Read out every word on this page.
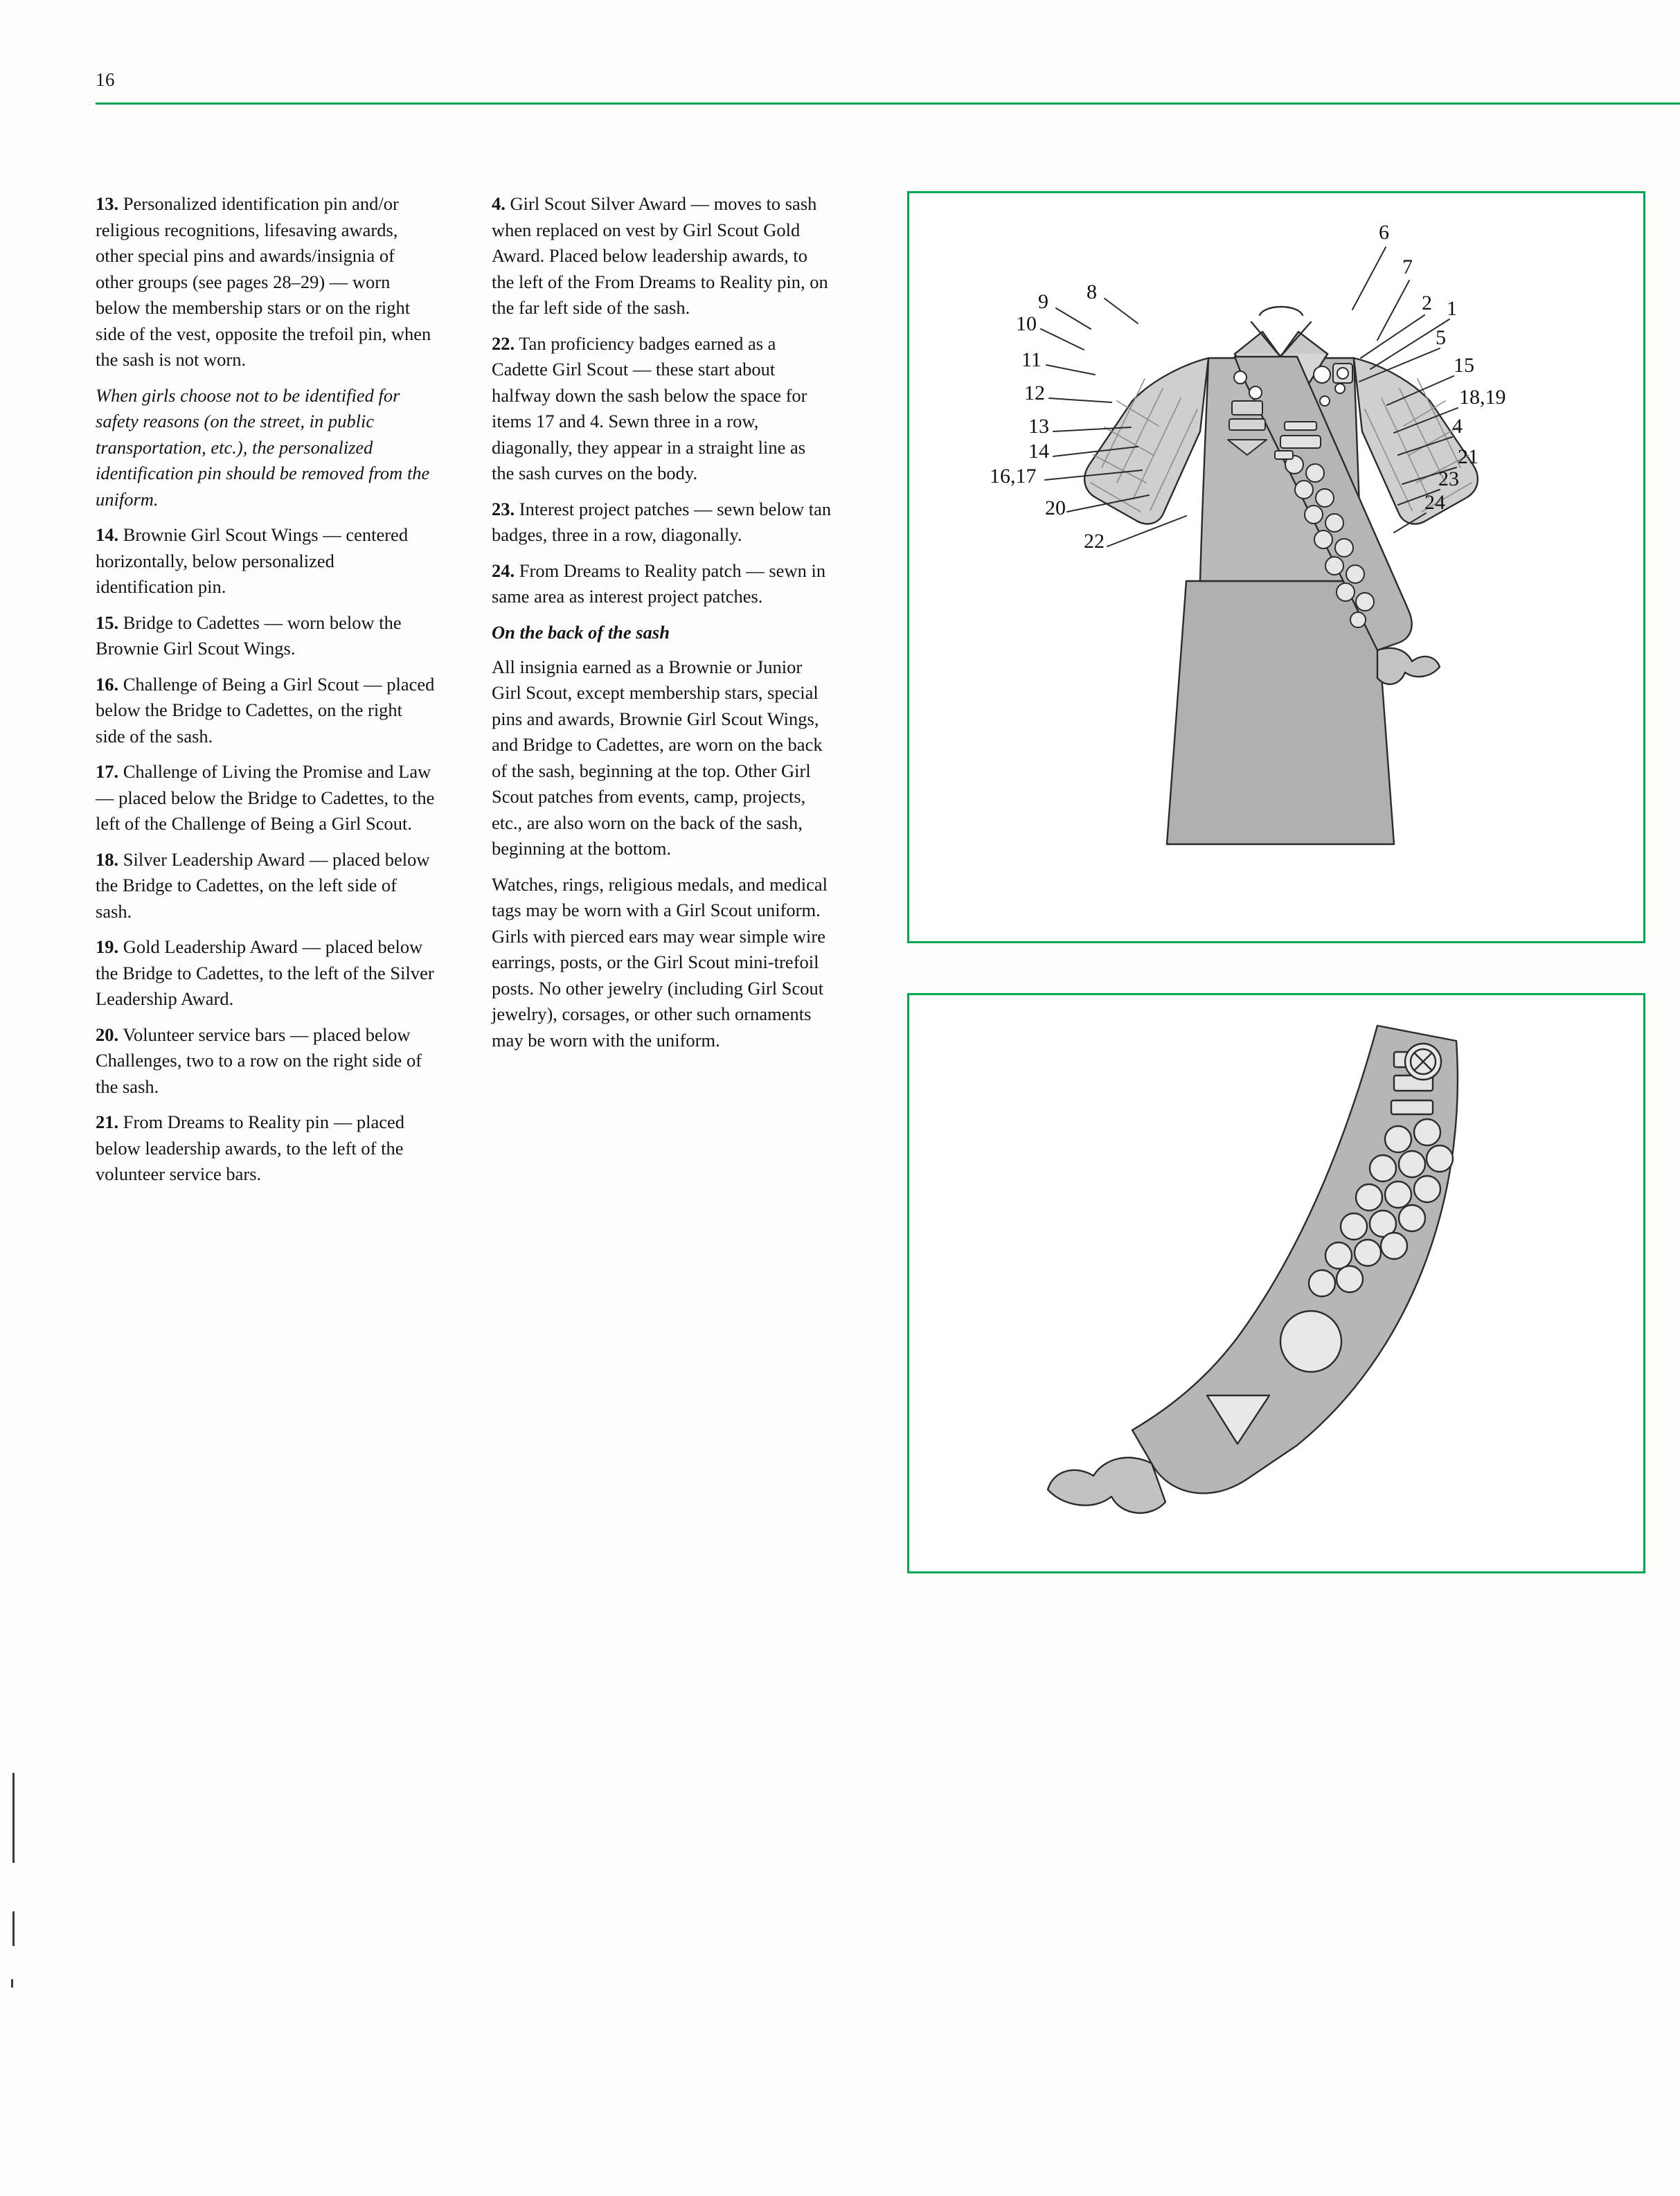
16

13. Personalized identification pin and/or religious recognitions, lifesaving awards, other special pins and awards/insignia of other groups (see pages 28–29) — worn below the membership stars or on the right side of the vest, opposite the trefoil pin, when the sash is not worn.

When girls choose not to be identified for safety reasons (on the street, in public transportation, etc.), the personalized identification pin should be removed from the uniform.

14. Brownie Girl Scout Wings — centered horizontally, below personalized identification pin.

15. Bridge to Cadettes — worn below the Brownie Girl Scout Wings.

16. Challenge of Being a Girl Scout — placed below the Bridge to Cadettes, on the right side of the sash.

17. Challenge of Living the Promise and Law — placed below the Bridge to Cadettes, to the left of the Challenge of Being a Girl Scout.

18. Silver Leadership Award — placed below the Bridge to Cadettes, on the left side of sash.

19. Gold Leadership Award — placed below the Bridge to Cadettes, to the left of the Silver Leadership Award.

20. Volunteer service bars — placed below Challenges, two to a row on the right side of the sash.

21. From Dreams to Reality pin — placed below leadership awards, to the left of the volunteer service bars.

4. Girl Scout Silver Award — moves to sash when replaced on vest by Girl Scout Gold Award. Placed below leadership awards, to the left of the From Dreams to Reality pin, on the far left side of the sash.

22. Tan proficiency badges earned as a Cadette Girl Scout — these start about halfway down the sash below the space for items 17 and 4. Sewn three in a row, diagonally, they appear in a straight line as the sash curves on the body.

23. Interest project patches — sewn below tan badges, three in a row, diagonally.

24. From Dreams to Reality patch — sewn in same area as interest project patches.

On the back of the sash

All insignia earned as a Brownie or Junior Girl Scout, except membership stars, special pins and awards, Brownie Girl Scout Wings, and Bridge to Cadettes, are worn on the back of the sash, beginning at the top. Other Girl Scout patches from events, camp, projects, etc., are also worn on the back of the sash, beginning at the bottom.

Watches, rings, religious medals, and medical tags may be worn with a Girl Scout uniform. Girls with pierced ears may wear simple wire earrings, posts, or the Girl Scout mini-trefoil posts. No other jewelry (including Girl Scout jewelry), corsages, or other such ornaments may be worn with the uniform.

6
7
2 1
5
15
18,19
4
21
23
24
9 8
10
11
12
13
14
16,17
20
22
